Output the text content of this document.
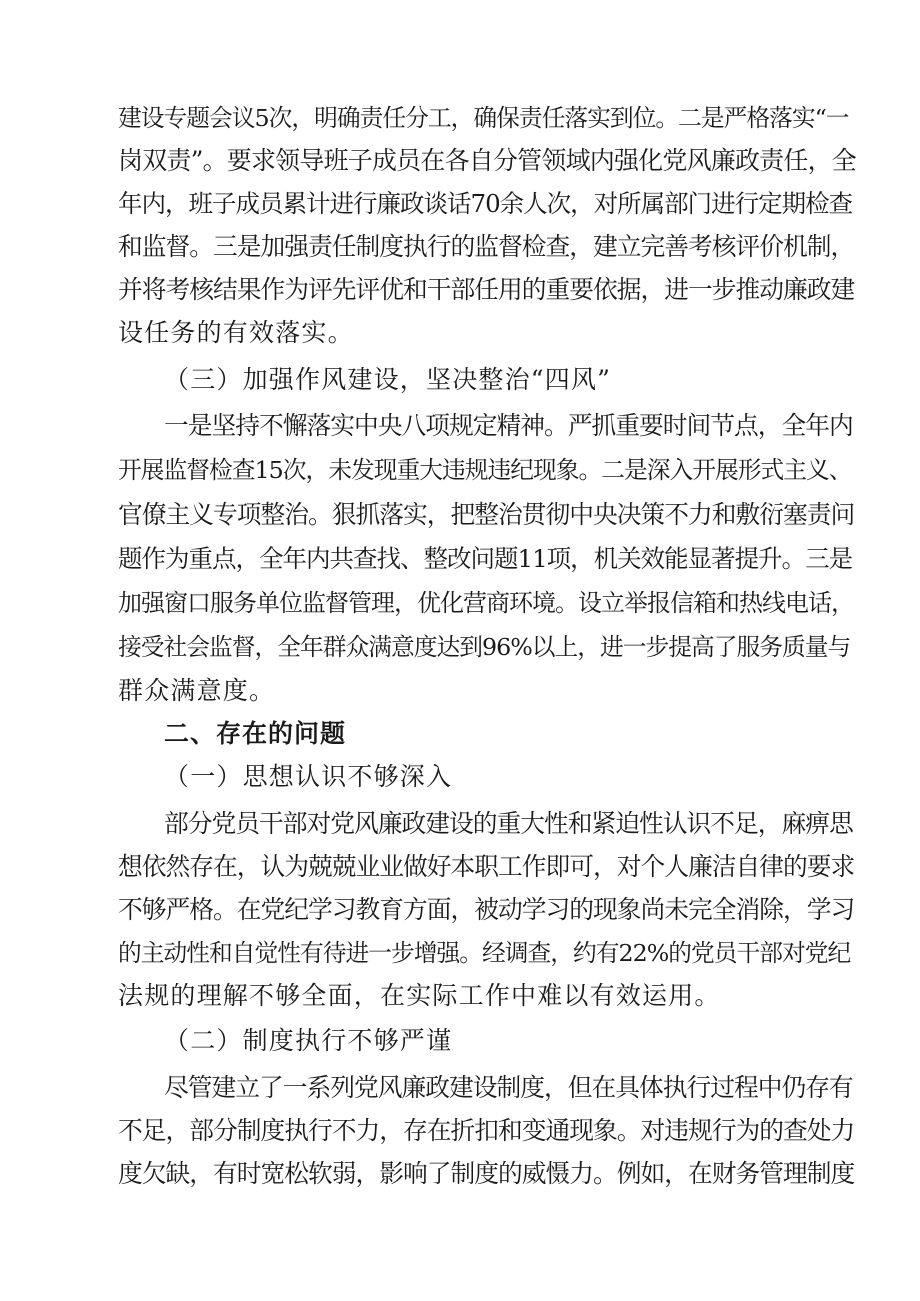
建设专题会议5次，明确责任分工，确保责任落实到位。二是严格落实“一
岗双责”。要求领导班子成员在各自分管领域内强化党风廉政责任，全
年内，班子成员累计进行廉政谈话70余人次，对所属部门进行定期检查
和监督。三是加强责任制度执行的监督检查，建立完善考核评价机制，
并将考核结果作为评先评优和干部任用的重要依据，进一步推动廉政建
设任务的有效落实。
（三）加强作风建设，坚决整治“四风”
一是坚持不懈落实中央八项规定精神。严抓重要时间节点，全年内
开展监督检查15次，未发现重大违规违纪现象。二是深入开展形式主义、
官僚主义专项整治。狠抓落实，把整治贯彻中央决策不力和敷衍塞责问
题作为重点，全年内共查找、整改问题11项，机关效能显著提升。三是
加强窗口服务单位监督管理，优化营商环境。设立举报信箱和热线电话，
接受社会监督，全年群众满意度达到96%以上，进一步提高了服务质量与
群众满意度。
二、存在的问题
（一）思想认识不够深入
部分党员干部对党风廉政建设的重大性和紧迫性认识不足，麻痹思
想依然存在，认为兢兢业业做好本职工作即可，对个人廉洁自律的要求
不够严格。在党纪学习教育方面，被动学习的现象尚未完全消除，学习
的主动性和自觉性有待进一步增强。经调查，约有22%的党员干部对党纪
法规的理解不够全面，在实际工作中难以有效运用。
（二）制度执行不够严谨
尽管建立了一系列党风廉政建设制度，但在具体执行过程中仍存有
不足，部分制度执行不力，存在折扣和变通现象。对违规行为的查处力
度欠缺，有时宽松软弱，影响了制度的威慑力。例如，在财务管理制度
